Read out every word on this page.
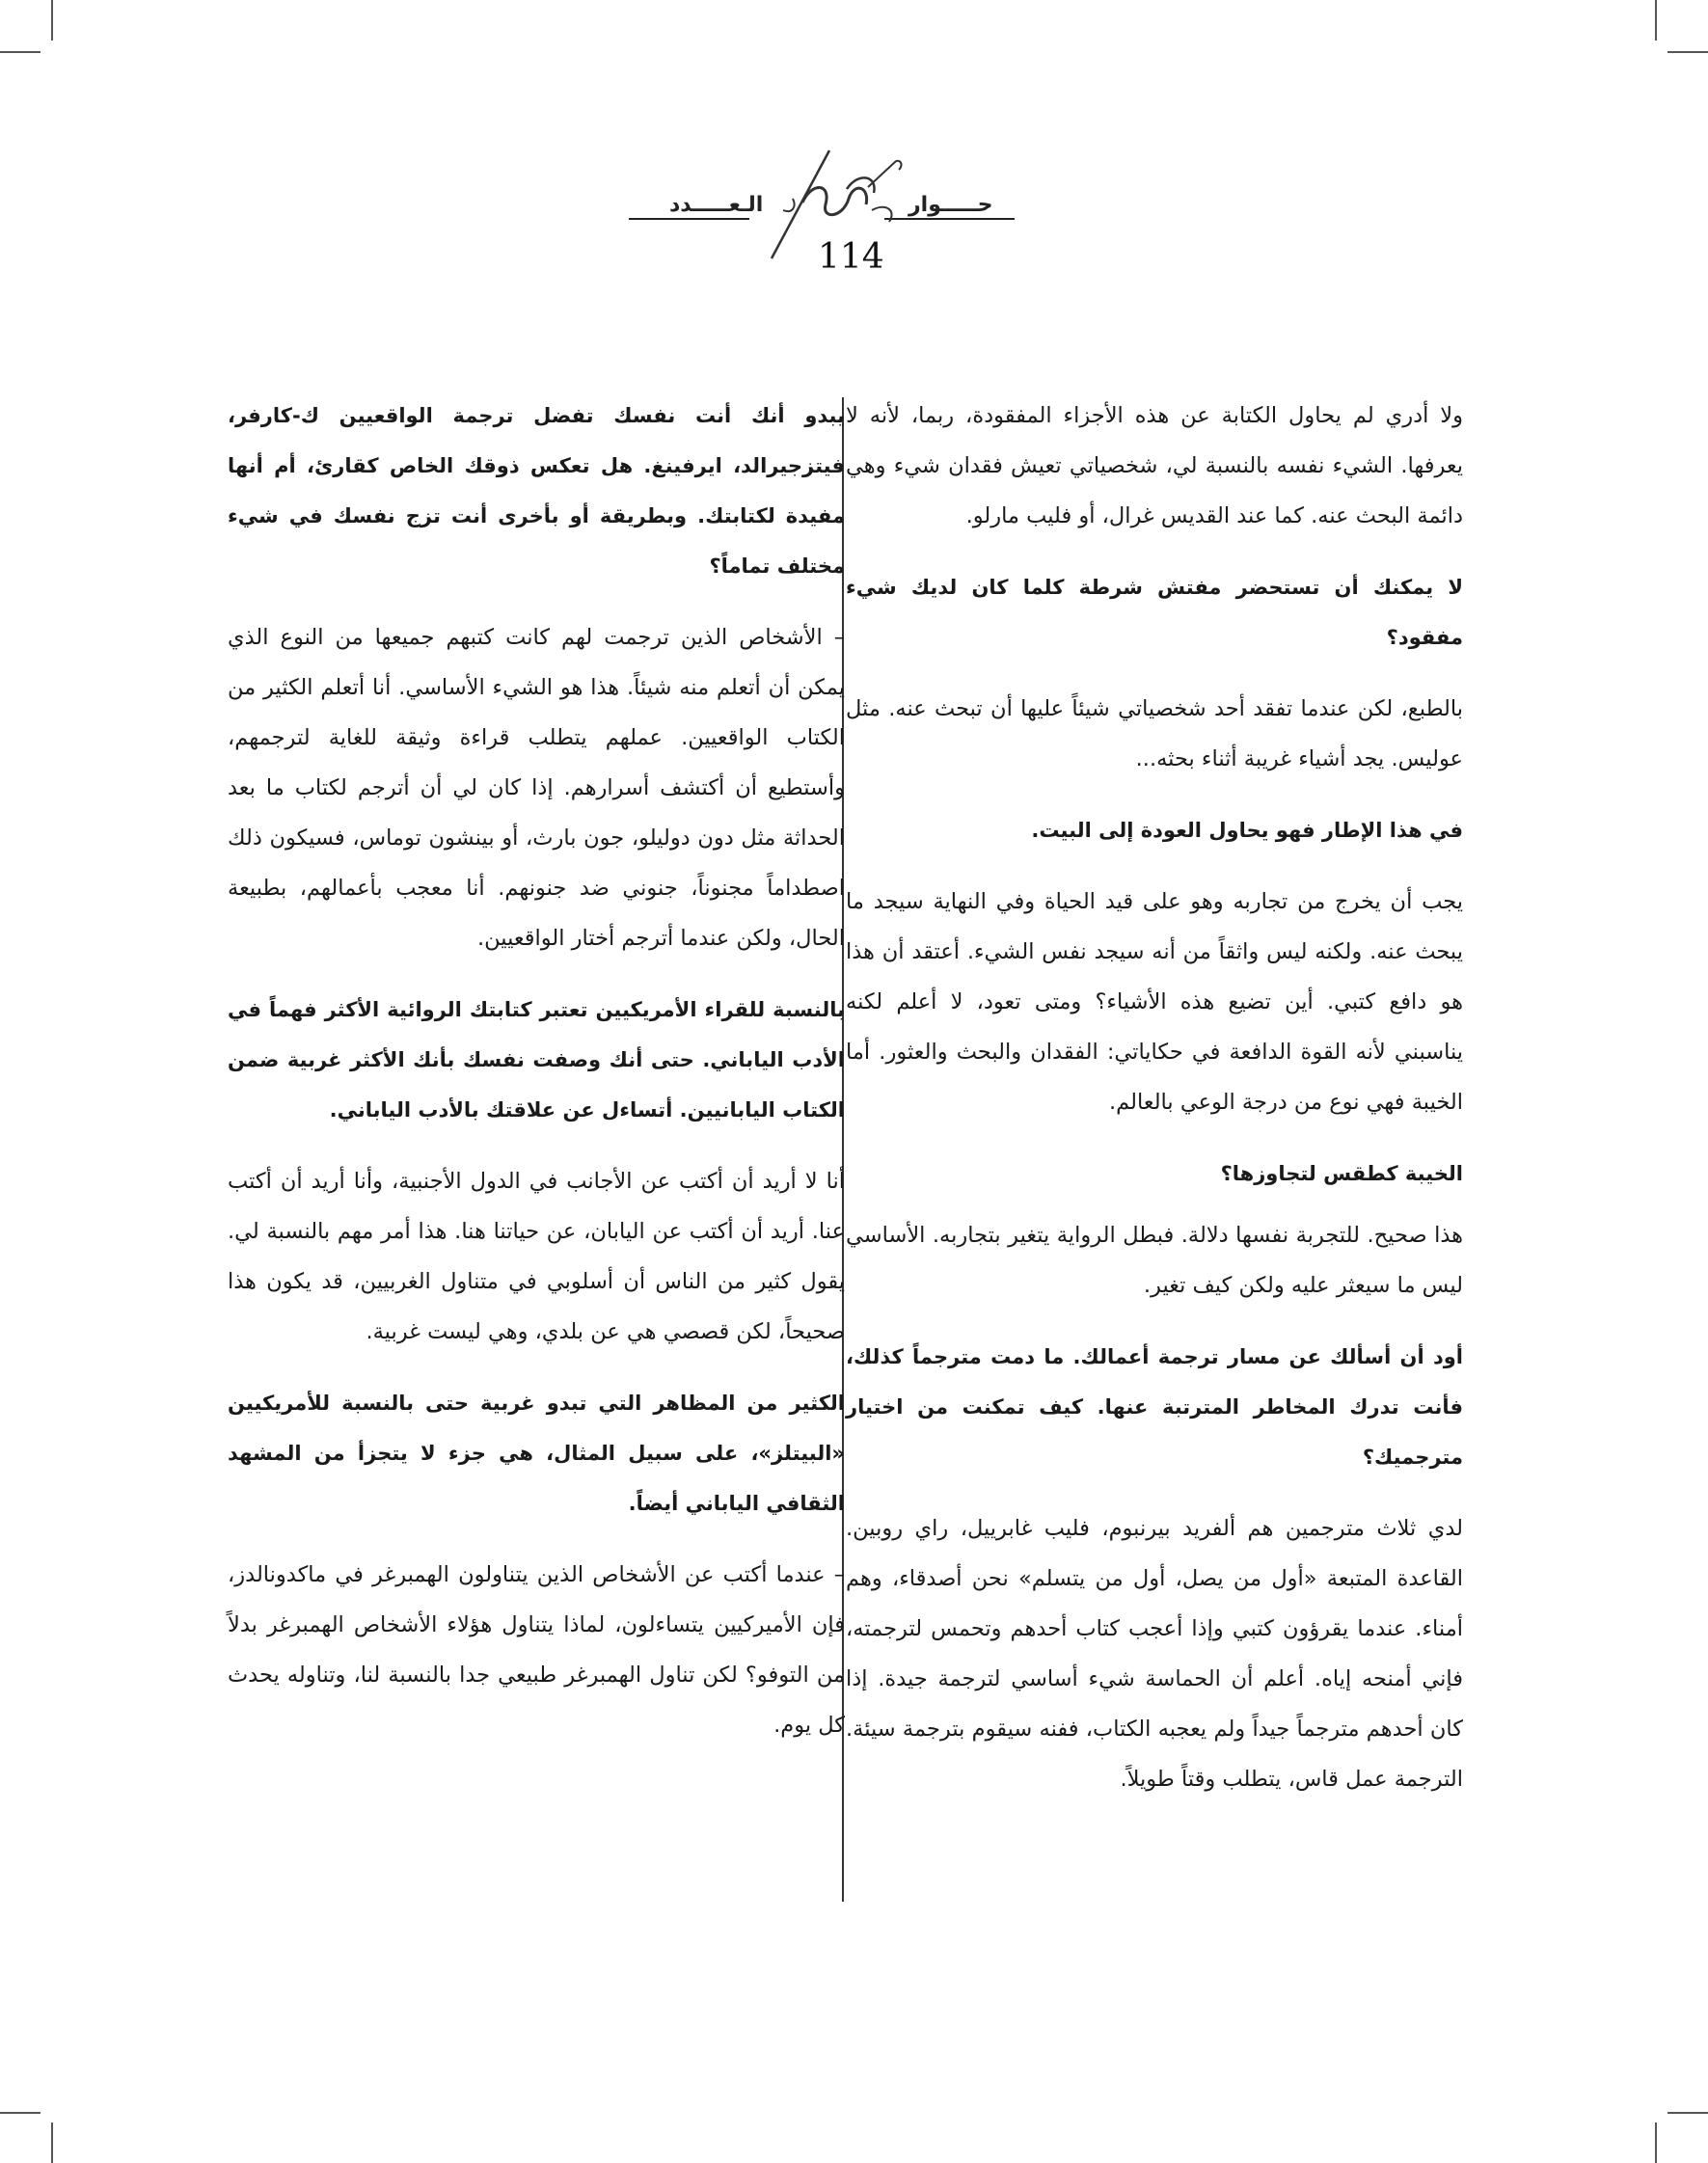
حـــــوار
الـعـــــدد
114

ولا أدري لم يحاول الكتابة عن هذه الأجزاء المفقودة، ربما، لأنه لا يعرفها. الشيء نفسه بالنسبة لي، شخصياتي تعيش فقدان شيء وهي دائمة البحث عنه. كما عند القديس غرال، أو فليب مارلو.

لا يمكنك أن تستحضر مفتش شرطة كلما كان لديك شيء مفقود؟

بالطبع، لكن عندما تفقد أحد شخصياتي شيئاً عليها أن تبحث عنه. مثل عوليس. يجد أشياء غريبة أثناء بحثه...

في هذا الإطار فهو يحاول العودة إلى البيت.

يجب أن يخرج من تجاربه وهو على قيد الحياة وفي النهاية سيجد ما يبحث عنه. ولكنه ليس واثقاً من أنه سيجد نفس الشيء. أعتقد أن هذا هو دافع كتبي. أين تضيع هذه الأشياء؟ ومتى تعود، لا أعلم لكنه يناسبني لأنه القوة الدافعة في حكاياتي: الفقدان والبحث والعثور. أما الخيبة فهي نوع من درجة الوعي بالعالم.

الخيبة كطقس لتجاوزها؟

هذا صحيح. للتجربة نفسها دلالة. فبطل الرواية يتغير بتجاربه. الأساسي ليس ما سيعثر عليه ولكن كيف تغير.

أود أن أسألك عن مسار ترجمة أعمالك. ما دمت مترجماً كذلك، فأنت تدرك المخاطر المترتبة عنها. كيف تمكنت من اختيار مترجميك؟

لدي ثلاث مترجمين هم ألفريد بيرنبوم، فليب غابرييل، راي روبين. القاعدة المتبعة «أول من يصل، أول من يتسلم» نحن أصدقاء، وهم أمناء. عندما يقرؤون كتبي وإذا أعجب كتاب أحدهم وتحمس لترجمته، فإني أمنحه إياه. أعلم أن الحماسة شيء أساسي لترجمة جيدة. إذا كان أحدهم مترجماً جيداً ولم يعجبه الكتاب، ففنه سيقوم بترجمة سيئة. الترجمة عمل قاس، يتطلب وقتاً طويلاً.

يبدو أنك أنت نفسك تفضل ترجمة الواقعيين ك-كارفر، فيتزجيرالد، ايرفينغ. هل تعكس ذوقك الخاص كقارئ، أم أنها مفيدة لكتابتك. وبطريقة أو بأخرى أنت تزج نفسك في شيء مختلف تماماً؟

– الأشخاص الذين ترجمت لهم كانت كتبهم جميعها من النوع الذي يمكن أن أتعلم منه شيئاً. هذا هو الشيء الأساسي. أنا أتعلم الكثير من الكتاب الواقعيين. عملهم يتطلب قراءة وثيقة للغاية لترجمهم، وأستطيع أن أكتشف أسرارهم. إذا كان لي أن أترجم لكتاب ما بعد الحداثة مثل دون دوليلو، جون بارث، أو بينشون توماس، فسيكون ذلك اصطداماً مجنوناً، جنوني ضد جنونهم. أنا معجب بأعمالهم، بطبيعة الحال، ولكن عندما أترجم أختار الواقعيين.

بالنسبة للقراء الأمريكيين تعتبر كتابتك الروائية الأكثر فهماً في الأدب الياباني. حتى أنك وصفت نفسك بأنك الأكثر غربية ضمن الكتاب اليابانيين. أتساءل عن علاقتك بالأدب الياباني.

أنا لا أريد أن أكتب عن الأجانب في الدول الأجنبية، وأنا أريد أن أكتب عنا. أريد أن أكتب عن اليابان، عن حياتنا هنا. هذا أمر مهم بالنسبة لي. يقول كثير من الناس أن أسلوبي في متناول الغربيين، قد يكون هذا صحيحاً، لكن قصصي هي عن بلدي، وهي ليست غربية.

الكثير من المظاهر التي تبدو غربية حتى بالنسبة للأمريكيين «البيتلز»، على سبيل المثال، هي جزء لا يتجزأ من المشهد الثقافي الياباني أيضاً.

– عندما أكتب عن الأشخاص الذين يتناولون الهمبرغر في ماكدونالدز، فإن الأميركيين يتساءلون، لماذا يتناول هؤلاء الأشخاص الهمبرغر بدلاً من التوفو؟ لكن تناول الهمبرغر طبيعي جدا بالنسبة لنا، وتناوله يحدث كل يوم.
